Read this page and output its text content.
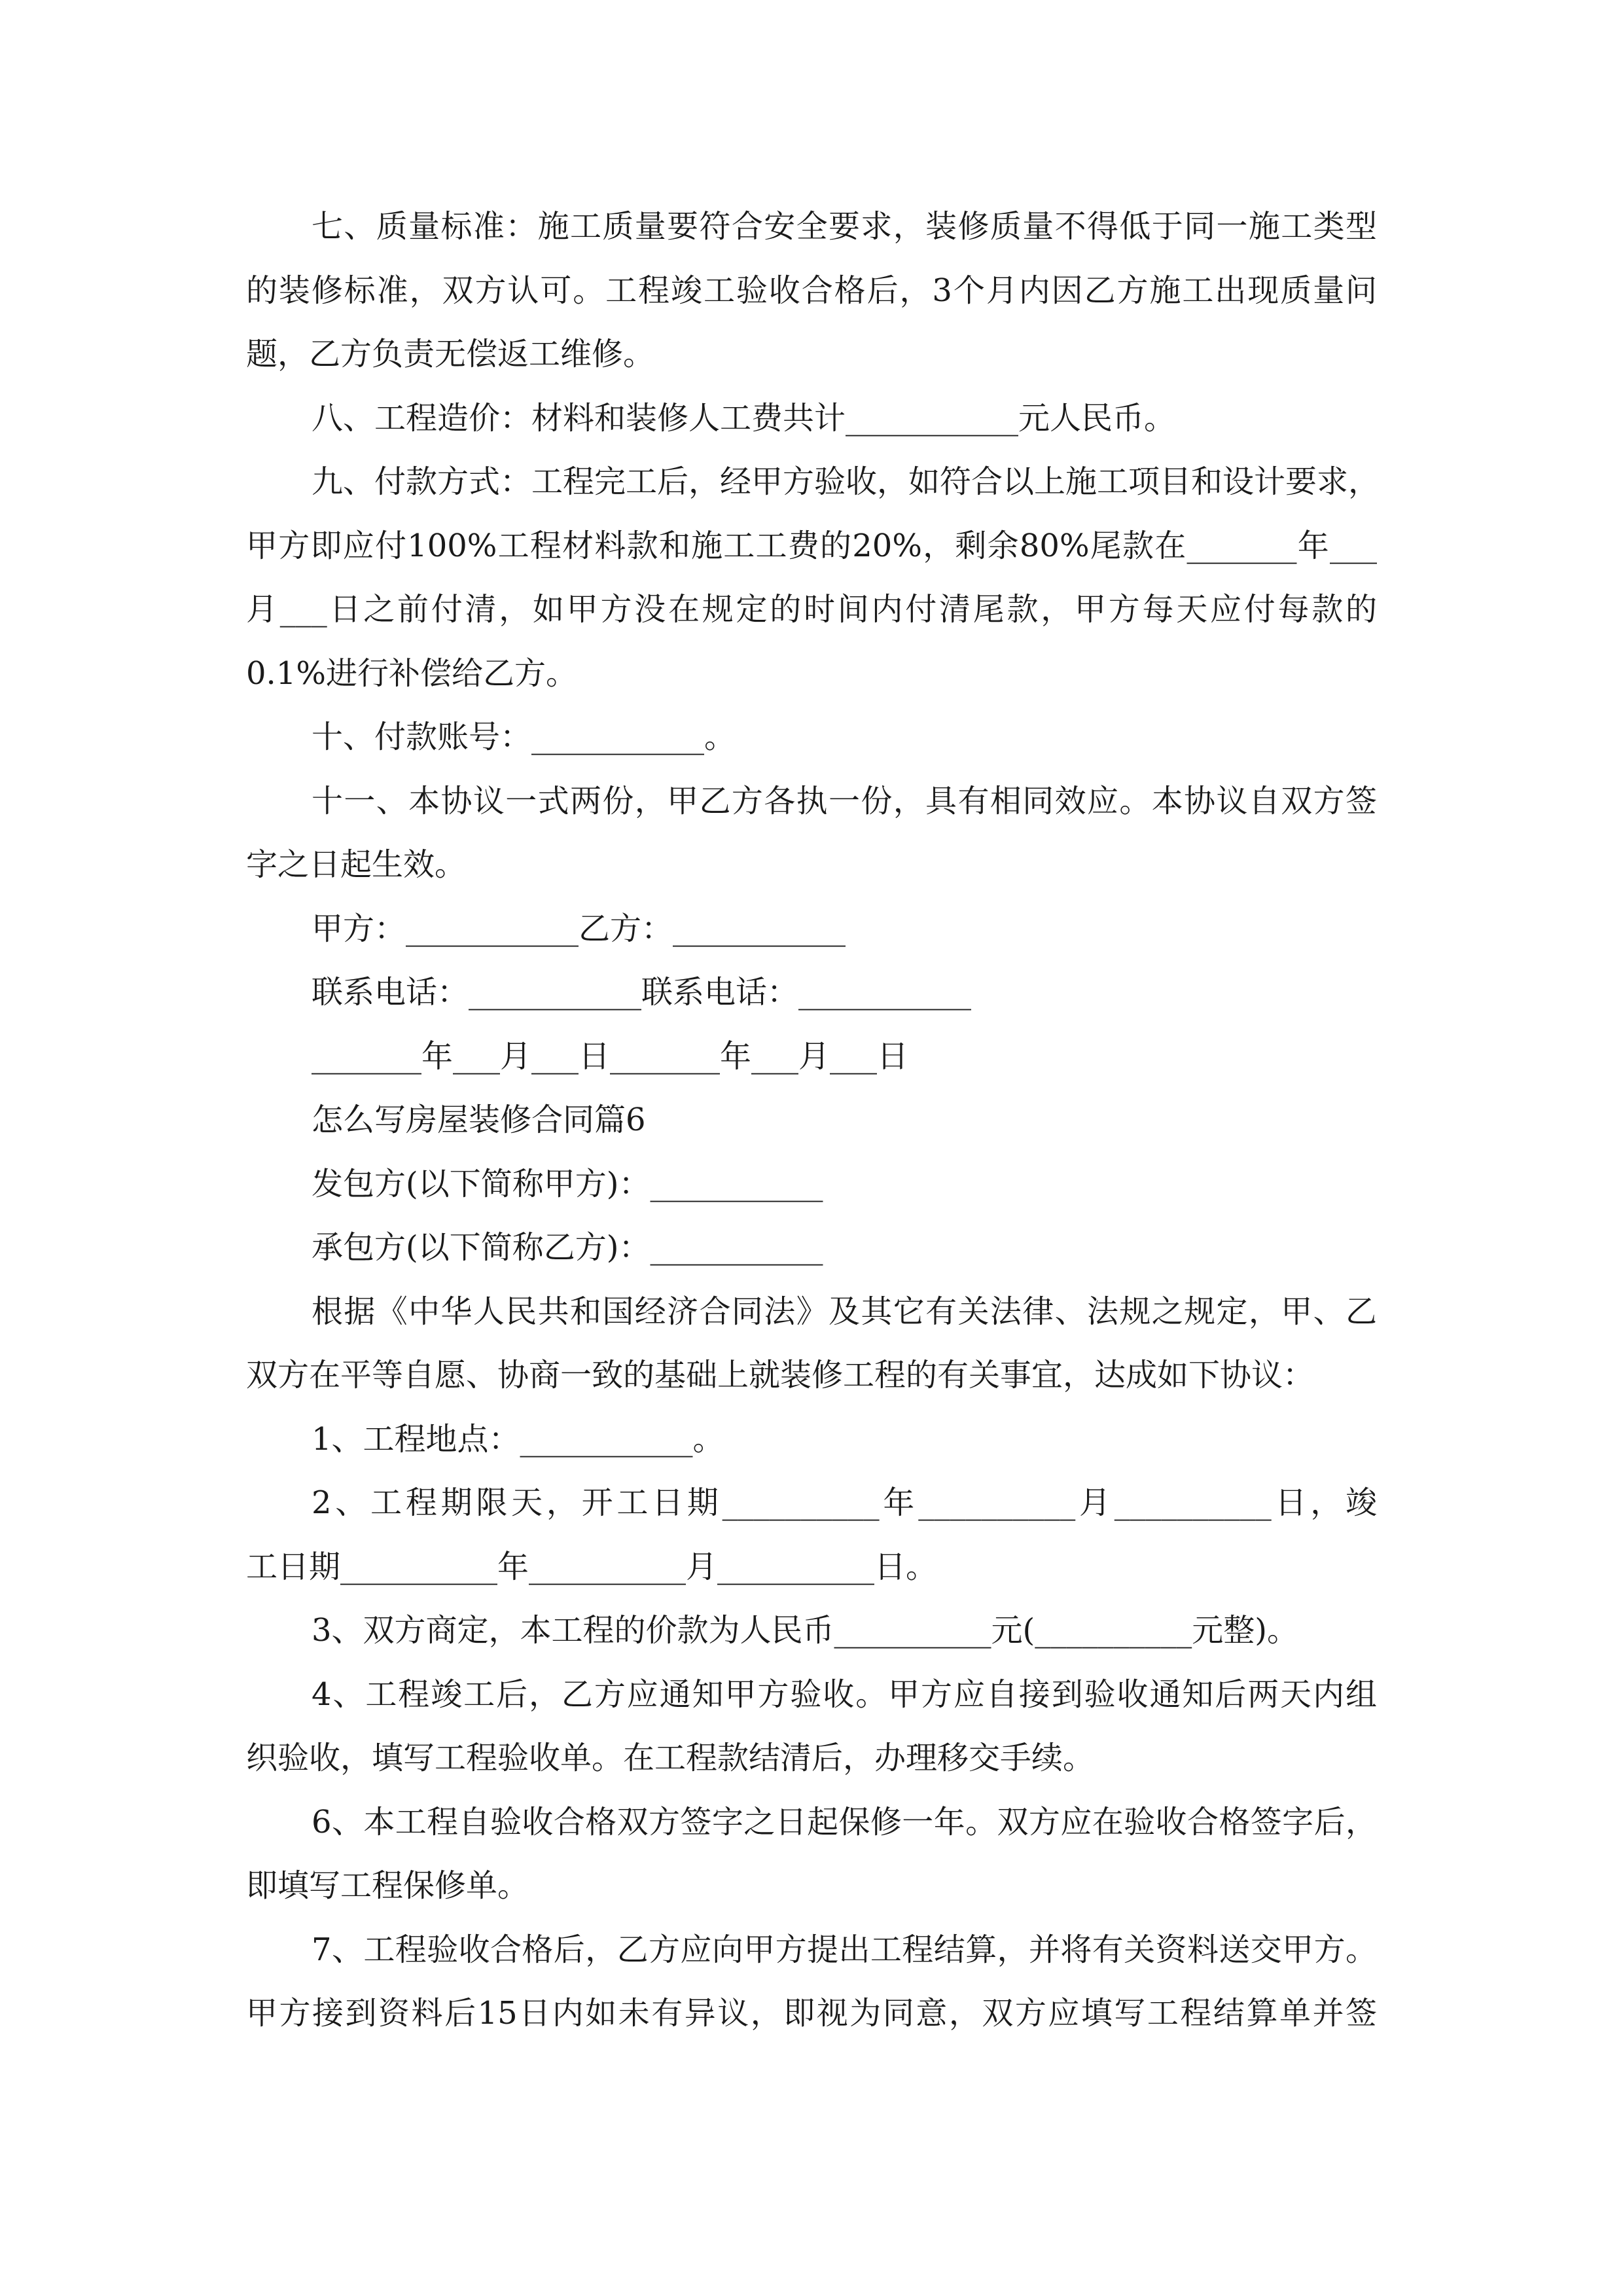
七、质量标准：施工质量要符合安全要求，装修质量不得低于同一施工类型
的装修标准，双方认可。工程竣工验收合格后，3个月内因乙方施工出现质量问
题，乙方负责无偿返工维修。
八、工程造价：材料和装修人工费共计___________元人民币。
九、付款方式：工程完工后，经甲方验收，如符合以上施工项目和设计要求，
甲方即应付100%工程材料款和施工工费的20%，剩余80%尾款在_______年___
月___日之前付清，如甲方没在规定的时间内付清尾款，甲方每天应付每款的
0.1%进行补偿给乙方。
十、付款账号：___________。
十一、本协议一式两份，甲乙方各执一份，具有相同效应。本协议自双方签
字之日起生效。
甲方：___________乙方：___________
联系电话：___________联系电话：___________
_______年___月___日_______年___月___日
怎么写房屋装修合同篇6
发包方(以下简称甲方)：___________
承包方(以下简称乙方)：___________
根据《中华人民共和国经济合同法》及其它有关法律、法规之规定，甲、乙
双方在平等自愿、协商一致的基础上就装修工程的有关事宜，达成如下协议：
1、工程地点：___________。
2、工程期限天，开工日期__________年__________月__________日，竣
工日期__________年__________月__________日。
3、双方商定，本工程的价款为人民币__________元(__________元整)。
4、工程竣工后，乙方应通知甲方验收。甲方应自接到验收通知后两天内组
织验收，填写工程验收单。在工程款结清后，办理移交手续。
6、本工程自验收合格双方签字之日起保修一年。双方应在验收合格签字后，
即填写工程保修单。
7、工程验收合格后，乙方应向甲方提出工程结算，并将有关资料送交甲方。
甲方接到资料后15日内如未有异议，即视为同意，双方应填写工程结算单并签
